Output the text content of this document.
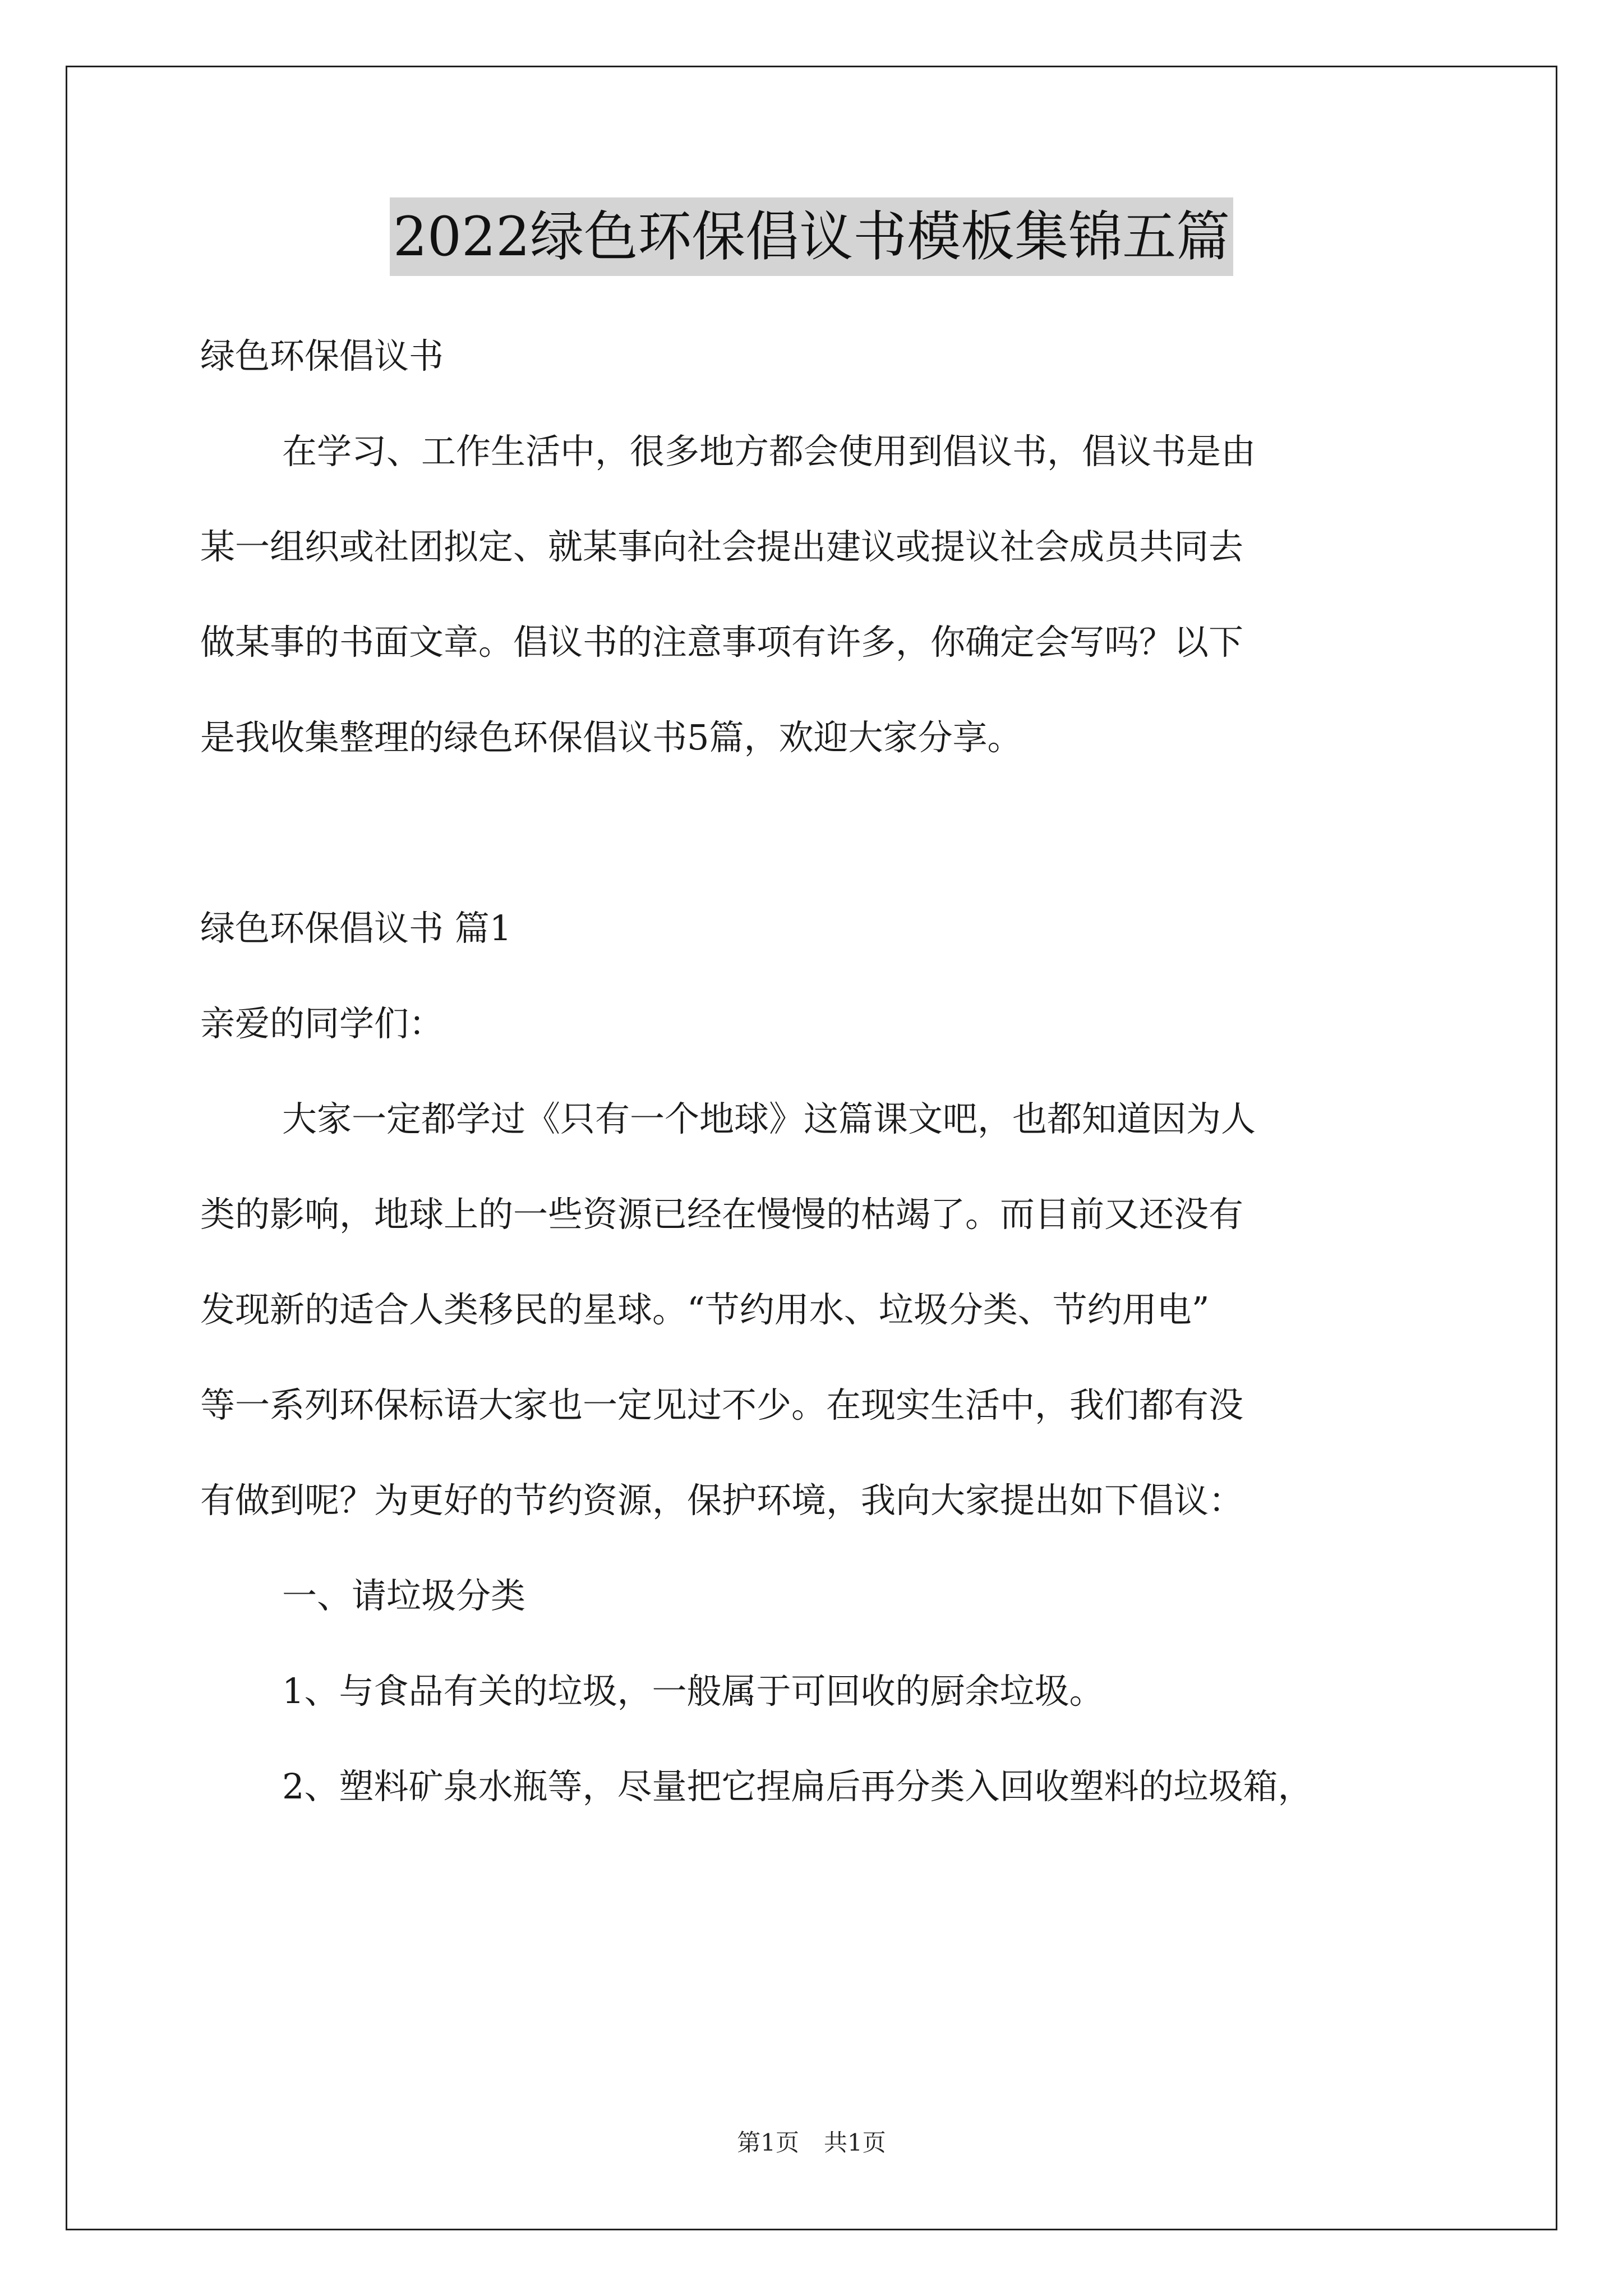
2022绿色环保倡议书模板集锦五篇

绿色环保倡议书

在学习、工作生活中，很多地方都会使用到倡议书，倡议书是由

某一组织或社团拟定、就某事向社会提出建议或提议社会成员共同去

做某事的书面文章。倡议书的注意事项有许多，你确定会写吗？以下

是我收集整理的绿色环保倡议书5篇，欢迎大家分享。

绿色环保倡议书 篇1

亲爱的同学们：

大家一定都学过《只有一个地球》这篇课文吧，也都知道因为人

类的影响，地球上的一些资源已经在慢慢的枯竭了。而目前又还没有

发现新的适合人类移民的星球。“节约用水、垃圾分类、节约用电”

等一系列环保标语大家也一定见过不少。在现实生活中，我们都有没

有做到呢？为更好的节约资源，保护环境，我向大家提出如下倡议：

一、请垃圾分类

1、与食品有关的垃圾，一般属于可回收的厨余垃圾。

2、塑料矿泉水瓶等，尽量把它捏扁后再分类入回收塑料的垃圾箱，

第1页 共1页
